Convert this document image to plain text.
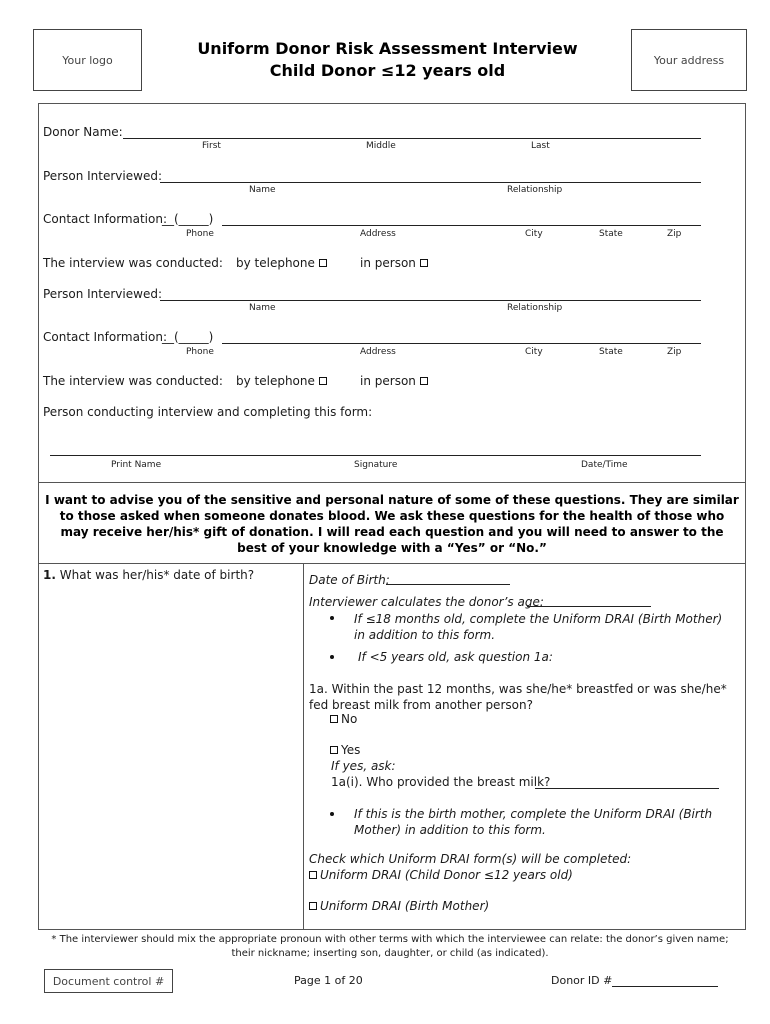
Your logo
Uniform Donor Risk Assessment Interview
Child Donor ≤12 years old
Your address
Donor Name:
First	Middle	Last
Person Interviewed:
Name	Relationship
Contact Information:
__(_____)
Phone	Address	City	State	Zip
The interview was conducted: by telephone	in person
Person Interviewed:
Name	Relationship
Contact Information:
__(_____)
Phone	Address	City	State	Zip
The interview was conducted: by telephone	in person
Person conducting interview and completing this form:
Print Name	Signature	Date/Time
I want to advise you of the sensitive and personal nature of some of these questions. They are similar to those asked when someone donates blood. We ask these questions for the health of those who may receive her/his* gift of donation. I will read each question and you will need to answer to the best of your knowledge with a “Yes” or “No.”
1. What was her/his* date of birth?	Date of Birth:
Interviewer calculates the donor’s age:
If ≤18 months old, complete the Uniform DRAI (Birth Mother) in addition to this form.
If <5 years old, ask question 1a:
1a. Within the past 12 months, was she/he* breastfed or was she/he* fed breast milk from another person?
No
Yes
If yes, ask:
1a(i). Who provided the breast milk?
If this is the birth mother, complete the Uniform DRAI (Birth Mother) in addition to this form.
Check which Uniform DRAI form(s) will be completed:
Uniform DRAI (Child Donor ≤12 years old)
Uniform DRAI (Birth Mother)
* The interviewer should mix the appropriate pronoun with other terms with which the interviewee can relate: the donor’s given name; their nickname; inserting son, daughter, or child (as indicated).
Document control #	Page 1 of 20	Donor ID #
